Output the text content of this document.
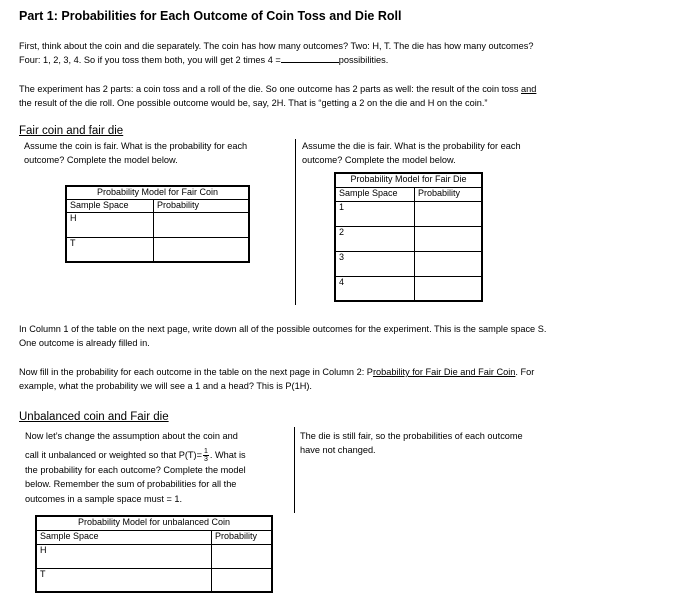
Part 1: Probabilities for Each Outcome of Coin Toss and Die Roll
First, think about the coin and die separately. The coin has how many outcomes? Two: H, T. The die has how many outcomes?
Four: 1, 2, 3, 4. So if you toss them both, you will get 2 times 4 =	possibilities.
The experiment has 2 parts: a coin toss and a roll of the die. So one outcome has 2 parts as well: the result of the coin toss and
the result of the die roll. One possible outcome would be, say, 2H. That is “getting a 2 on the die and H on the coin.”
Fair coin and fair die
Assume the coin is fair. What is the probability for each
outcome? Complete the model below.
Assume the die is fair. What is the probability for each
outcome? Complete the model below.
Probability Model for Fair Coin	
Sample Space	Probability
H	
T	
Probability Model for Fair Die	
Sample Space	Probability
1	
2	
3	
4	
In Column 1 of the table on the next page, write down all of the possible outcomes for the experiment. This is the sample space S.
One outcome is already filled in.
Now fill in the probability for each outcome in the table on the next page in Column 2: Probability for Fair Die and Fair Coin. For
example, what the probability we will see a 1 and a head? This is P(1H).
Unbalanced coin and Fair die
Now let’s change the assumption about the coin and
call it unbalanced or weighted so that $P(T)= \frac{1}{3}$ . What is
the probability for each outcome? Complete the model
below. Remember the sum of probabilities for all the
outcomes in a sample space must = 1.
The die is still fair, so the probabilities of each outcome
have not changed.
Probability Model for unbalanced Coin	
Sample Space	Probability
H	
T	
